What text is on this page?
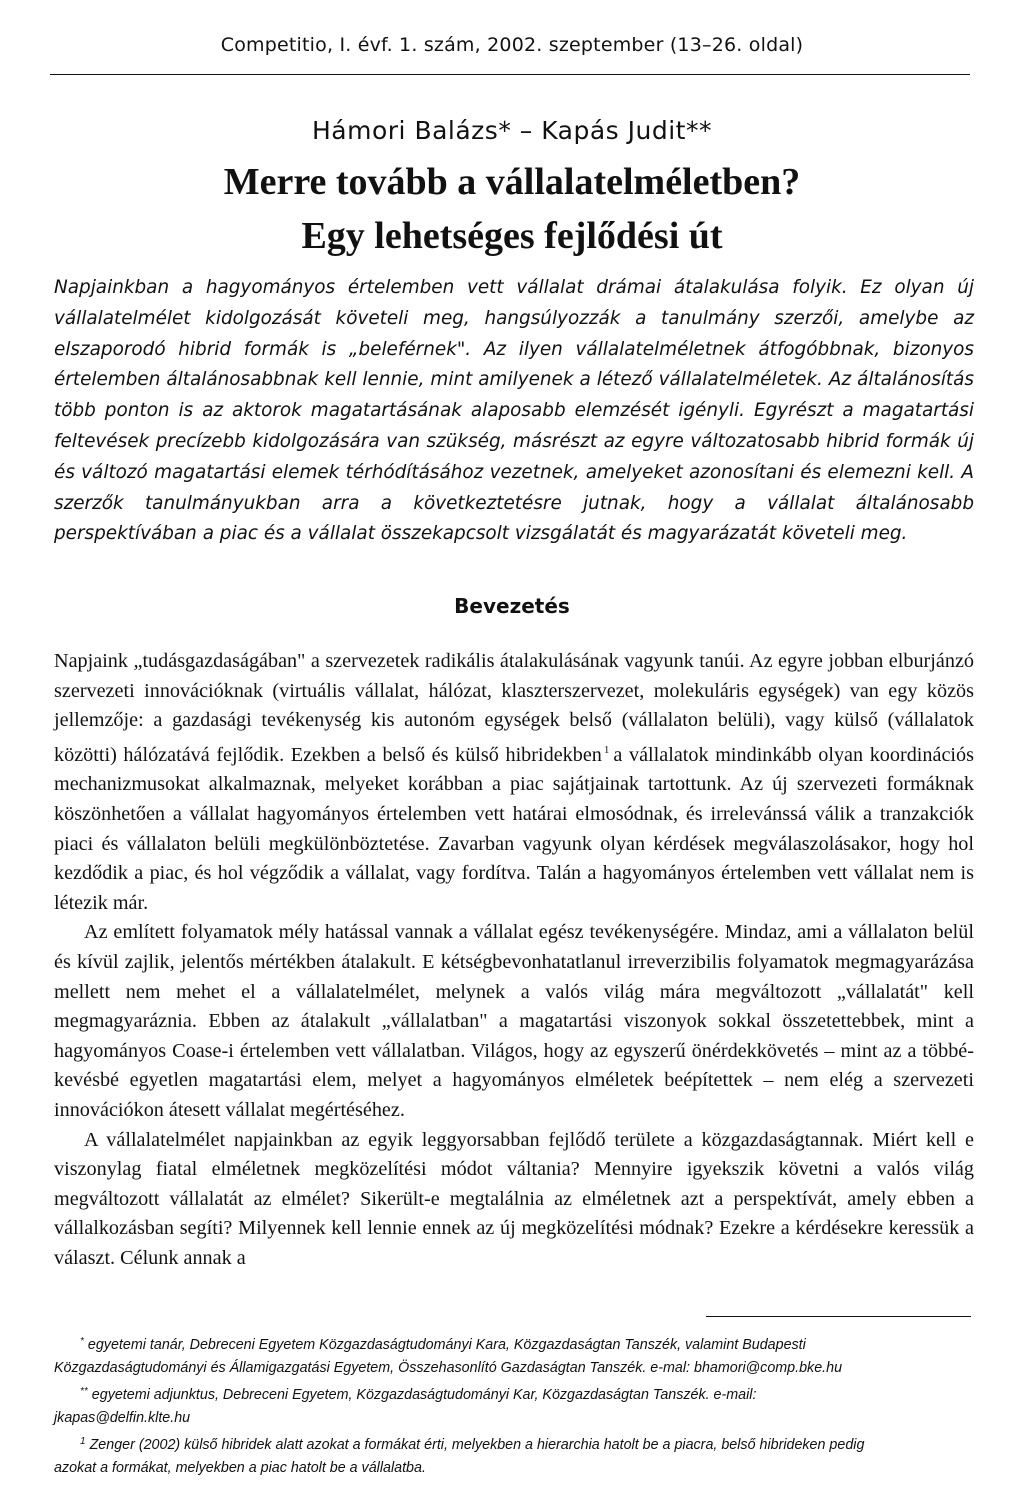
Competitio, I. évf. 1. szám, 2002. szeptember (13–26. oldal)
Hámori Balázs* – Kapás Judit**
Merre tovább a vállalatelméletben?
Egy lehetséges fejlődési út

Napjainkban a hagyományos értelemben vett vállalat drámai átalakulása folyik. Ez olyan új vállalatelmélet kidolgozását követeli meg, hangsúlyozzák a tanulmány szerzői, amelybe az elszaporodó hibrid formák is „beleférnek". Az ilyen vállalatelméletnek átfogóbbnak, bizonyos értelemben általánosabbnak kell lennie, mint amilyenek a létező vállalatelméletek. Az általánosítás több ponton is az aktorok magatartásának alaposabb elemzését igényli. Egyrészt a magatartási feltevések precízebb kidolgozására van szükség, másrészt az egyre változatosabb hibrid formák új és változó magatartási elemek térhódításához vezetnek, amelyeket azonosítani és elemezni kell. A szerzők tanulmányukban arra a következtetésre jutnak, hogy a vállalat általánosabb perspektívában a piac és a vállalat összekapcsolt vizsgálatát és magyarázatát követeli meg.

Bevezetés

Napjaink „tudásgazdaságában" a szervezetek radikális átalakulásának vagyunk tanúi. Az egyre jobban elburjánzó szervezeti innovációknak (virtuális vállalat, hálózat, klaszterszervezet, molekuláris egységek) van egy közös jellemzője: a gazdasági tevékenység kis autonóm egységek belső (vállalaton belüli), vagy külső (vállalatok közötti) hálózatává fejlődik. Ezekben a belső és külső hibridekben $^1$ a vállalatok mindinkább olyan koordinációs mechanizmusokat alkalmaznak, melyeket korábban a piac sajátjainak tartottunk. Az új szervezeti formáknak köszönhetően a vállalat hagyományos értelemben vett határai elmosódnak, és irrelevánssá válik a tranzakciók piaci és vállalaton belüli megkülönböztetése. Zavarban vagyunk olyan kérdések megválaszolásakor, hogy hol kezdődik a piac, és hol végződik a vállalat, vagy fordítva. Talán a hagyományos értelemben vett vállalat nem is létezik már.

Az említett folyamatok mély hatással vannak a vállalat egész tevékenységére. Mindaz, ami a vállalaton belül és kívül zajlik, jelentős mértékben átalakult. E kétségbevonhatatlanul irreverzibilis folyamatok megmagyarázása mellett nem mehet el a vállalatelmélet, melynek a valós világ mára megváltozott „vállalatát" kell megmagyaráznia. Ebben az átalakult „vállalatban" a magatartási viszonyok sokkal összetettebbek, mint a hagyományos Coase-i értelemben vett vállalatban. Világos, hogy az egyszerű önérdekkövetés – mint az a többé-kevésbé egyetlen magatartási elem, melyet a hagyományos elméletek beépítettek – nem elég a szervezeti innovációkon átesett vállalat megértéséhez.

A vállalatelmélet napjainkban az egyik leggyorsabban fejlődő területe a közgazdaságtannak. Miért kell e viszonylag fiatal elméletnek megközelítési módot váltania? Mennyire igyekszik követni a valós világ megváltozott vállalatát az elmélet? Sikerült-e megtalálnia az elméletnek azt a perspektívát, amely ebben a vállalkozásban segíti? Milyennek kell lennie ennek az új megközelítési módnak? Ezekre a kérdésekre keressük a választ. Célunk annak a

* egyetemi tanár, Debreceni Egyetem Közgazdaságtudományi Kara, Közgazdaságtan Tanszék, valamint Budapesti

Közgazdaságtudományi és Államigazgatási Egyetem, Összehasonlító Gazdaságtan Tanszék. e-mal: bhamori@comp.bke.hu

** egyetemi adjunktus, Debreceni Egyetem, Közgazdaságtudományi Kar, Közgazdaságtan Tanszék. e-mail:

jkapas@delfin.klte.hu

$^1$ Zenger (2002) külső hibridek alatt azokat a formákat érti, melyekben a hierarchia hatolt be a piacra, belső hibrideken pedig

azokat a formákat, melyekben a piac hatolt be a vállalatba.
